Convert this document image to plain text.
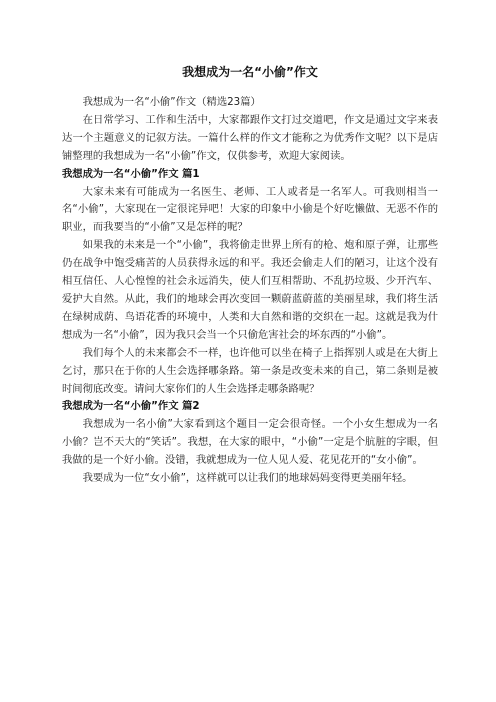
我想成为一名“小偷”作文

我想成为一名“小偷”作文（精选23篇）

在日常学习、工作和生活中，大家都跟作文打过交道吧，作文是通过文字来表达一个主题意义的记叙方法。一篇什么样的作文才能称之为优秀作文呢？以下是店铺整理的我想成为一名“小偷”作文，仅供参考，欢迎大家阅读。

我想成为一名“小偷”作文 篇1

大家未来有可能成为一名医生、老师、工人或者是一名军人。可我则相当一名“小偷”，大家现在一定很诧异吧！大家的印象中小偷是个好吃懒做、无恶不作的职业，而我要当的“小偷”又是怎样的呢？

如果我的未来是一个“小偷”，我将偷走世界上所有的枪、炮和原子弹，让那些仍在战争中饱受痛苦的人员获得永远的和平。我还会偷走人们的陋习，让这个没有相互信任、人心惶惶的社会永远消失，使人们互相帮助、不乱扔垃圾、少开汽车、爱护大自然。从此，我们的地球会再次变回一颗蔚蓝蔚蓝的美丽星球，我们将生活在绿树成荫、鸟语花香的环境中，人类和大自然和谐的交织在一起。这就是我为什想成为一名“小偷”，因为我只会当一个只偷危害社会的坏东西的“小偷”。

我们每个人的未来都会不一样，也许他可以坐在椅子上指挥别人或是在大街上乞讨，那只在于你的人生会选择哪条路。第一条是改变未来的自己，第二条则是被时间彻底改变。请问大家你们的人生会选择走哪条路呢？

我想成为一名“小偷”作文 篇2

我想成为一名小偷”大家看到这个题目一定会很奇怪。一个小女生想成为一名小偷？岂不天大的“笑话”。我想，在大家的眼中，“小偷”一定是个肮脏的字眼，但我做的是一个好小偷。没错，我就想成为一位人见人爱、花见花开的“女小偷”。

我要成为一位“女小偷”，这样就可以让我们的地球妈妈变得更美丽年轻。
